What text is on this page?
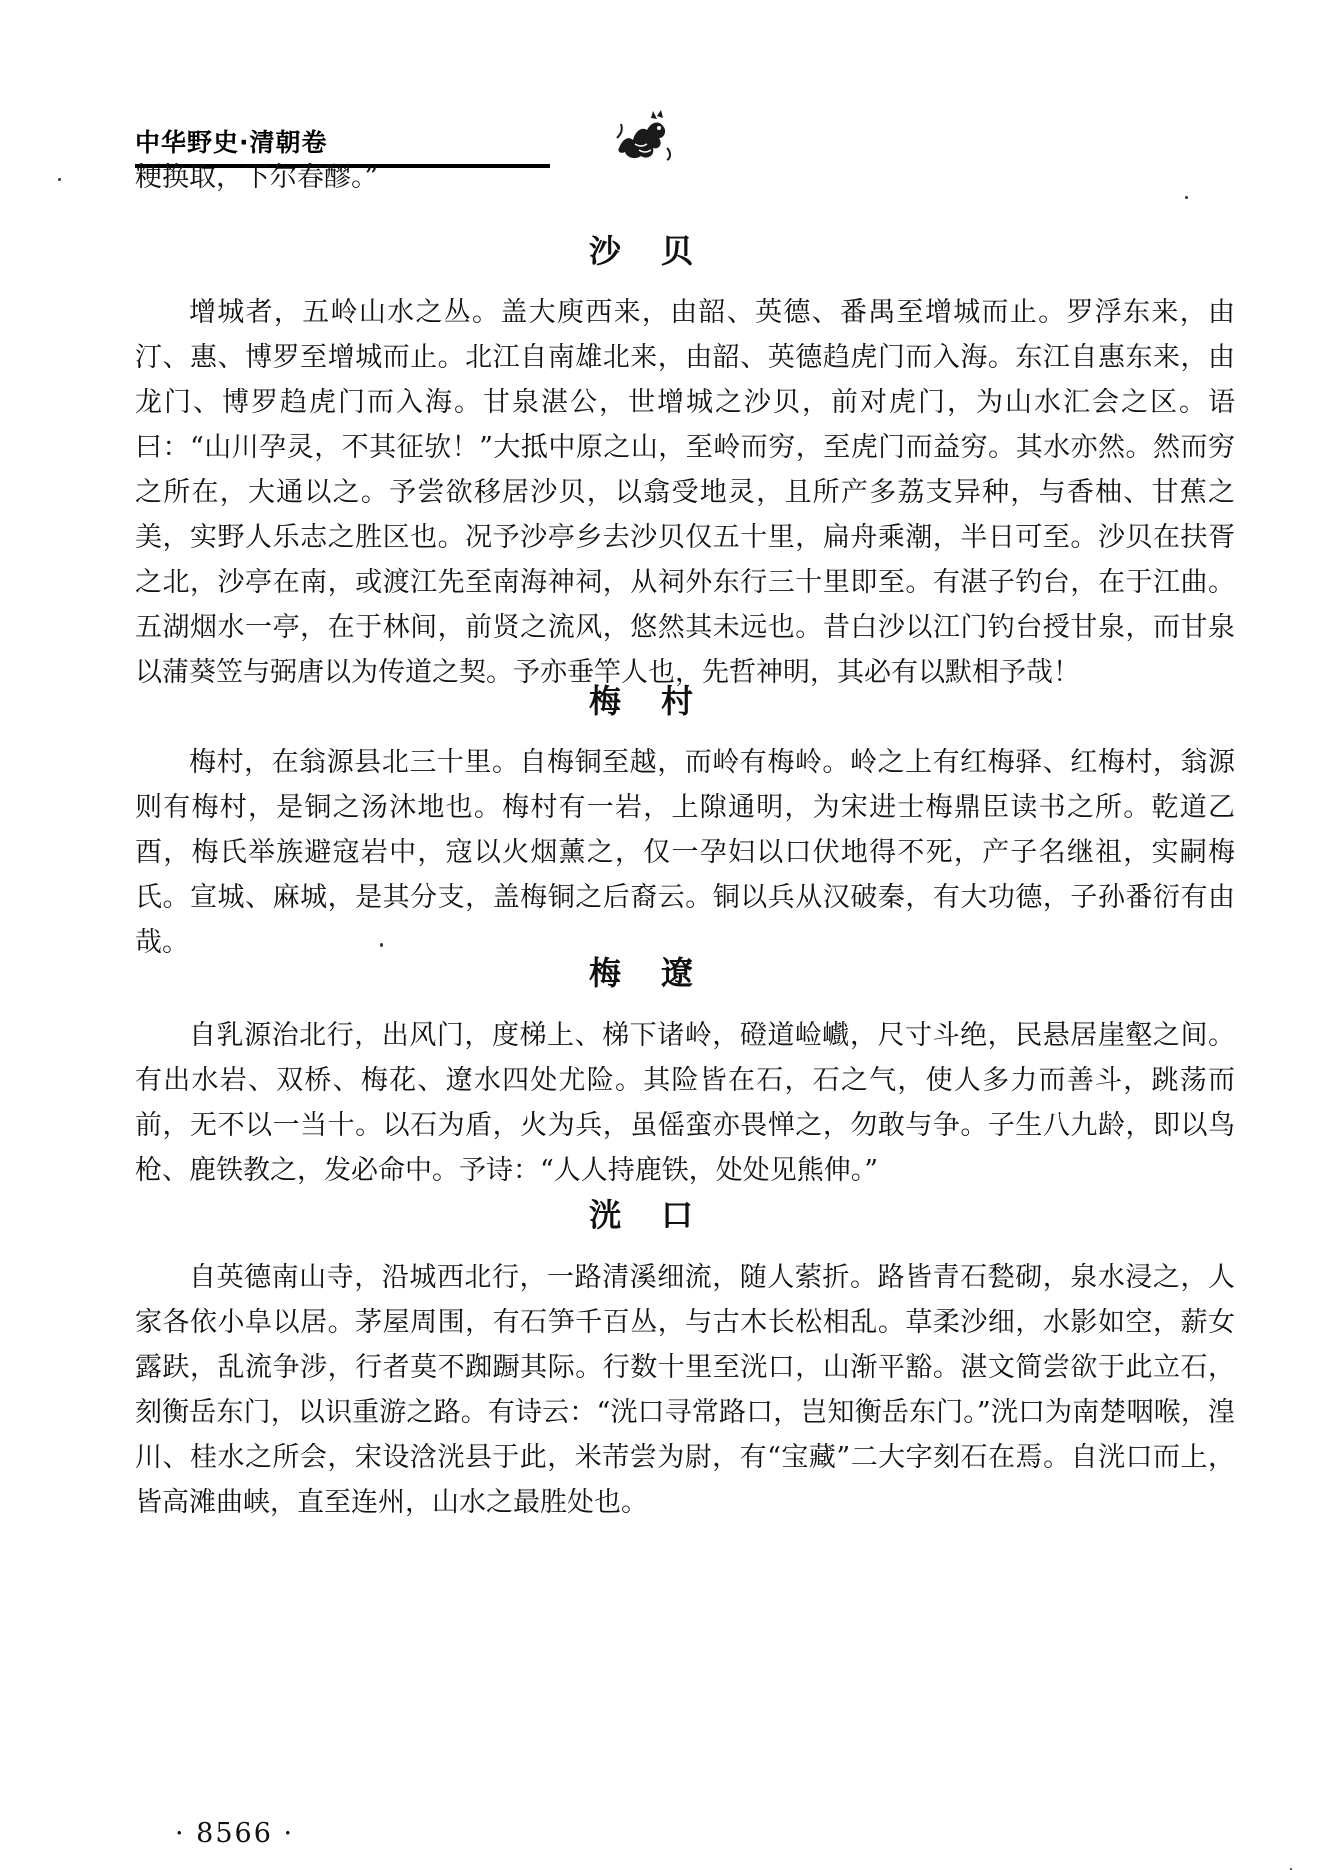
中华野史·清朝卷

粳换取，下尔春醪。”

沙贝

增城者，五岭山水之丛。盖大庾西来，由韶、英德、番禺至增城而止。罗浮东来，由汀、惠、博罗至增城而止。北江自南雄北来，由韶、英德趋虎门而入海。东江自惠东来，由龙门、博罗趋虎门而入海。甘泉湛公，世增城之沙贝，前对虎门，为山水汇会之区。语曰：“山川孕灵，不其征欤！”大抵中原之山，至岭而穷，至虎门而益穷。其水亦然。然而穷之所在，大通以之。予尝欲移居沙贝，以翕受地灵，且所产多荔支异种，与香柚、甘蕉之美，实野人乐志之胜区也。况予沙亭乡去沙贝仅五十里，扁舟乘潮，半日可至。沙贝在扶胥之北，沙亭在南，或渡江先至南海神祠，从祠外东行三十里即至。有湛子钓台，在于江曲。五湖烟水一亭，在于林间，前贤之流风，悠然其未远也。昔白沙以江门钓台授甘泉，而甘泉以蒲葵笠与弼唐以为传道之契。予亦垂竿人也，先哲神明，其必有以默相予哉！

梅村

梅村，在翁源县北三十里。自梅铜至越，而岭有梅岭。岭之上有红梅驿、红梅村，翁源则有梅村，是铜之汤沐地也。梅村有一岩，上隙通明，为宋进士梅鼎臣读书之所。乾道乙酉，梅氏举族避寇岩中，寇以火烟薰之，仅一孕妇以口伏地得不死，产子名继祖，实嗣梅氏。宣城、麻城，是其分支，盖梅铜之后裔云。铜以兵从汉破秦，有大功德，子孙番衍有由哉。

梅遼

自乳源治北行，出风门，度梯上、梯下诸岭，磴道崄巇，尺寸斗绝，民悬居崖壑之间。有出水岩、双桥、梅花、遼水四处尤险。其险皆在石，石之气，使人多力而善斗，跳荡而前，无不以一当十。以石为盾，火为兵，虽傜蛮亦畏惮之，勿敢与争。子生八九龄，即以鸟枪、鹿铁教之，发必命中。予诗：“人人持鹿铁，处处见熊伸。”

洸口

自英德南山寺，沿城西北行，一路清溪细流，随人萦折。路皆青石甃砌，泉水浸之，人家各依小阜以居。茅屋周围，有石笋千百丛，与古木长松相乱。草柔沙细，水影如空，薪女露趺，乱流争涉，行者莫不踟蹰其际。行数十里至洸口，山渐平豁。湛文简尝欲于此立石，刻衡岳东门，以识重游之路。有诗云：“洸口寻常路口，岂知衡岳东门。”洸口为南楚咽喉，湟川、桂水之所会，宋设浛洸县于此，米芾尝为尉，有“宝藏”二大字刻石在焉。自洸口而上，皆高滩曲峡，直至连州，山水之最胜处也。

· 8566 ·
